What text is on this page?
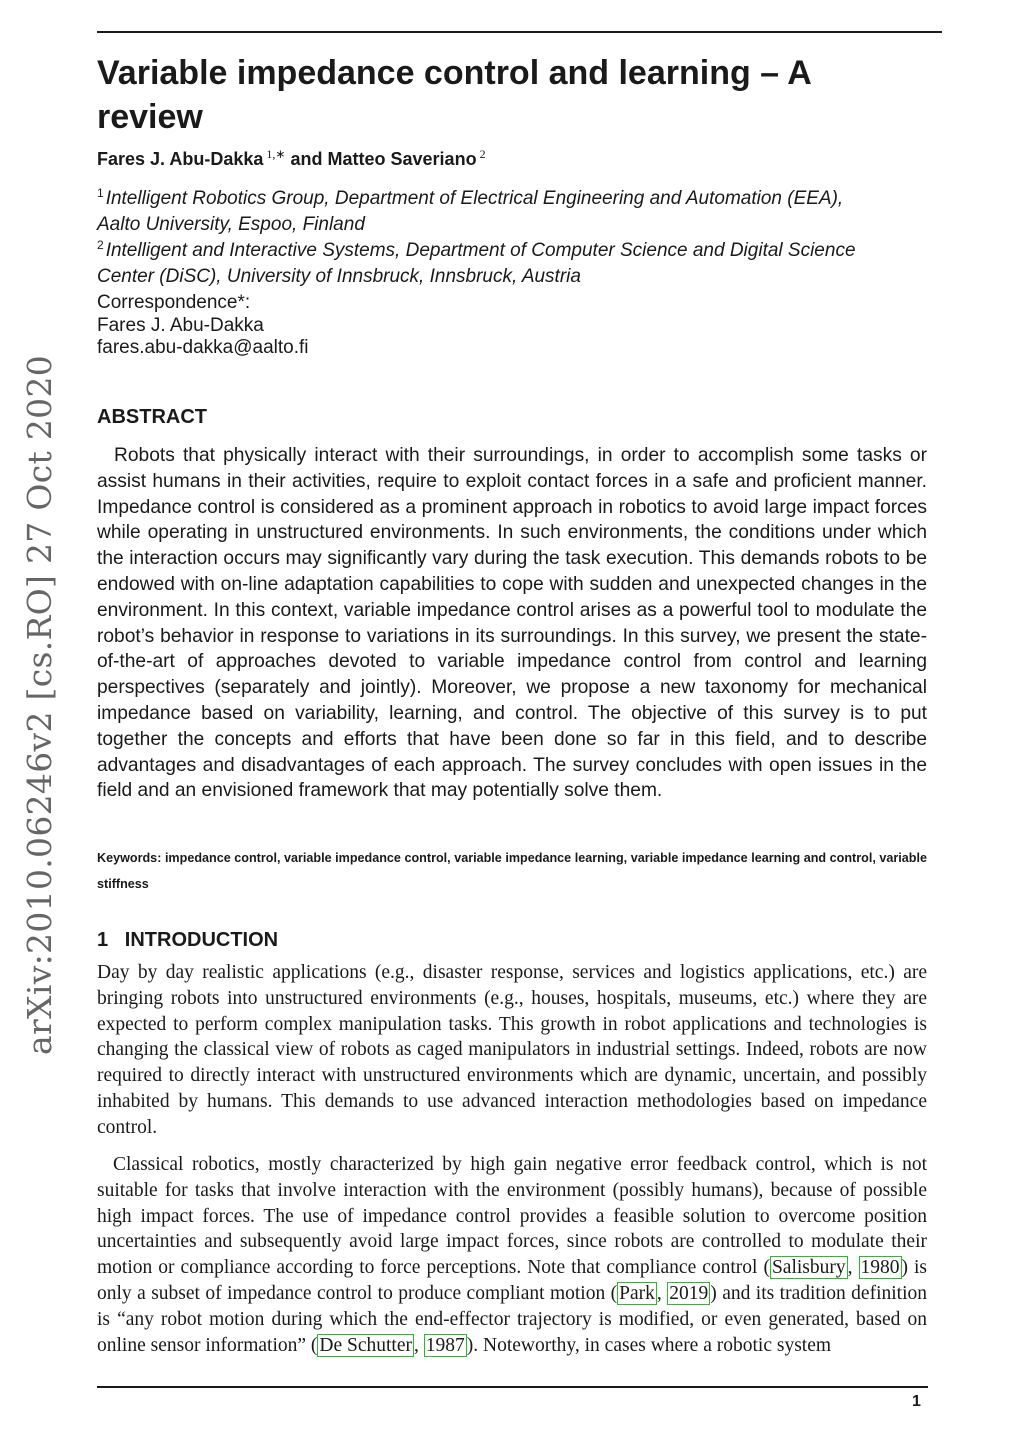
arXiv:2010.06246v2 [cs.RO] 27 Oct 2020
Variable impedance control and learning – A review
Fares J. Abu-Dakka $^{1,∗}$ and Matteo Saveriano $^2$
$^1$ Intelligent Robotics Group, Department of Electrical Engineering and Automation (EEA), Aalto University, Espoo, Finland
$^2$ Intelligent and Interactive Systems, Department of Computer Science and Digital Science Center (DiSC), University of Innsbruck, Innsbruck, Austria
Correspondence*:
Fares J. Abu-Dakka
fares.abu-dakka@aalto.fi
ABSTRACT

Robots that physically interact with their surroundings, in order to accomplish some tasks or assist humans in their activities, require to exploit contact forces in a safe and proficient manner. Impedance control is considered as a prominent approach in robotics to avoid large impact forces while operating in unstructured environments. In such environments, the conditions under which the interaction occurs may significantly vary during the task execution. This demands robots to be endowed with on-line adaptation capabilities to cope with sudden and unexpected changes in the environment. In this context, variable impedance control arises as a powerful tool to modulate the robot’s behavior in response to variations in its surroundings. In this survey, we present the state-of-the-art of approaches devoted to variable impedance control from control and learning perspectives (separately and jointly). Moreover, we propose a new taxonomy for mechanical impedance based on variability, learning, and control. The objective of this survey is to put together the concepts and efforts that have been done so far in this field, and to describe advantages and disadvantages of each approach. The survey concludes with open issues in the field and an envisioned framework that may potentially solve them.

Keywords: impedance control, variable impedance control, variable impedance learning, variable impedance learning and control, variable stiffness

1 INTRODUCTION

Day by day realistic applications (e.g., disaster response, services and logistics applications, etc.) are bringing robots into unstructured environments (e.g., houses, hospitals, museums, etc.) where they are expected to perform complex manipulation tasks. This growth in robot applications and technologies is changing the classical view of robots as caged manipulators in industrial settings. Indeed, robots are now required to directly interact with unstructured environments which are dynamic, uncertain, and possibly inhabited by humans. This demands to use advanced interaction methodologies based on impedance control.

Classical robotics, mostly characterized by high gain negative error feedback control, which is not suitable for tasks that involve interaction with the environment (possibly humans), because of possible high impact forces. The use of impedance control provides a feasible solution to overcome position uncertainties and subsequently avoid large impact forces, since robots are controlled to modulate their motion or compliance according to force perceptions. Note that compliance control ( Salisbury , 1980 ) is only a subset of impedance control to produce compliant motion ( Park , 2019 ) and its tradition definition is “any robot motion during which the end-effector trajectory is modified, or even generated, based on online sensor information” ( De Schutter , 1987 ). Noteworthy, in cases where a robotic system

1
